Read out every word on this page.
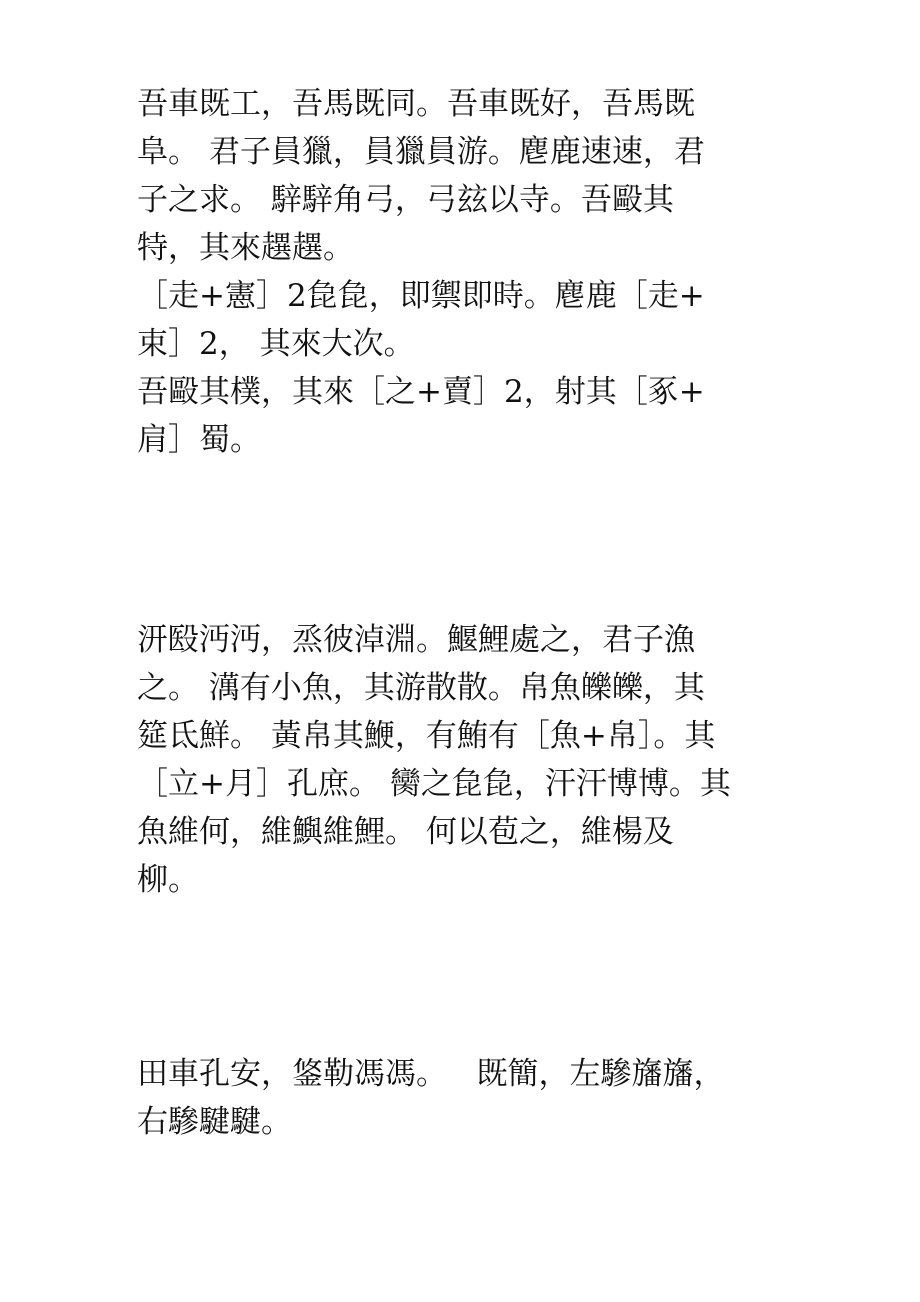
吾車既工，吾馬既同。吾車既好，吾馬既
阜。 君子員獵，員獵員游。麀鹿速速，君
子之求。 騂騂角弓，弓玆以寺。吾毆其
特，其來趩趩。
［走+憲］2㲋㲋，即禦即時。麀鹿［走+
束］2， 其來大次。
吾毆其樸，其來［之+賣］2，射其［豖+
肩］蜀。
汧殹沔沔，烝彼淖淵。鰋鯉處之，君子漁
之。 澫有小魚，其游散散。帛魚皪皪，其
筵氐鮮。 黃帛其鯾，有鮪有［魚+帛］。其
［立+月］孔庶。 臠之㲋㲋，汗汗博博。其
魚維何，維鱮維鯉。 何以苞之，維楊及
柳。
田車孔安，鋚勒馮馮。   既簡，左驂旛旛，
右驂騝騝。
